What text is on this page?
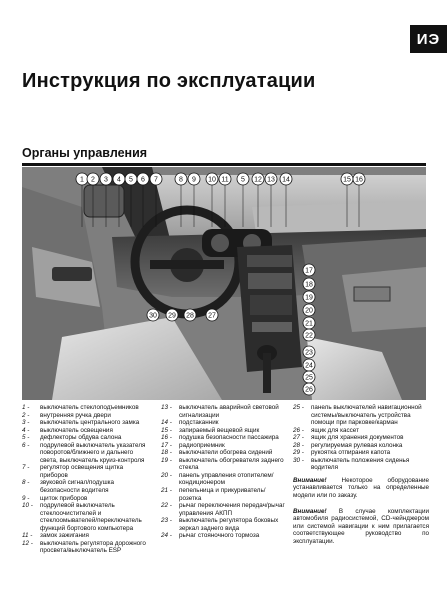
ИЭ
Инструкция по эксплуатации
Органы управления
1 2 3 4 5 6 7	8 9 10 11 5 12 13 14	15 16
17
18
19
20
21
22
23
24
25
26
30 29 28 27
1 -	выключатель стеклоподъемников
2 -	внутренняя ручка двери
3 -	выключатель центрального замка
4 -	выключатель освещения
5 -	дефлекторы обдува салона
6 -	подрулевой выключатель указателя поворотов/ближнего и дальнего света, выключатель круиз-контроля
7 -	регулятор освещения щитка приборов
8 -	звуковой сигнал/подушка безопасности водителя
9 -	щиток приборов
10 -	подрулевой выключатель стеклоочистителей и стеклоомывателей/переключатель функций бортового компьютера
11 -	замок зажигания
12 -	выключатель регулятора дорожного просвета/выключатель ESP
13 -	выключатель аварийной световой сигнализации
14 -	подстаканник
15 -	запираемый вещевой ящик
16 -	подушка безопасности пассажира
17 -	радиоприемник
18 -	выключатели обогрева сидений
19 -	выключатель обогревателя заднего стекла
20 -	панель управления отопителем/кондиционером
21 -	пепельница и прикуриватель/розетка
22 -	рычаг переключения передач/рычаг управления АКПП
23 -	выключатель регулятора боковых зеркал заднего вида
24 -	рычаг стояночного тормоза
25 -	панель выключателей навигационной системы/выключатель устройства помощи при парковке/карман
26 -	ящик для кассет
27 -	ящик для хранения документов
28 -	регулируемая рулевая колонка
29 -	рукоятка отпирания капота
30 -	выключатель положения сиденья водителя
Внимание! Некоторое оборудование устанавливается только на определенные модели или по заказу.
Внимание! В случае комплектации автомобиля радиосистемой, CD-чейнджером или системой навигации к ним прилагается соответствующее руководство по эксплуатации.
